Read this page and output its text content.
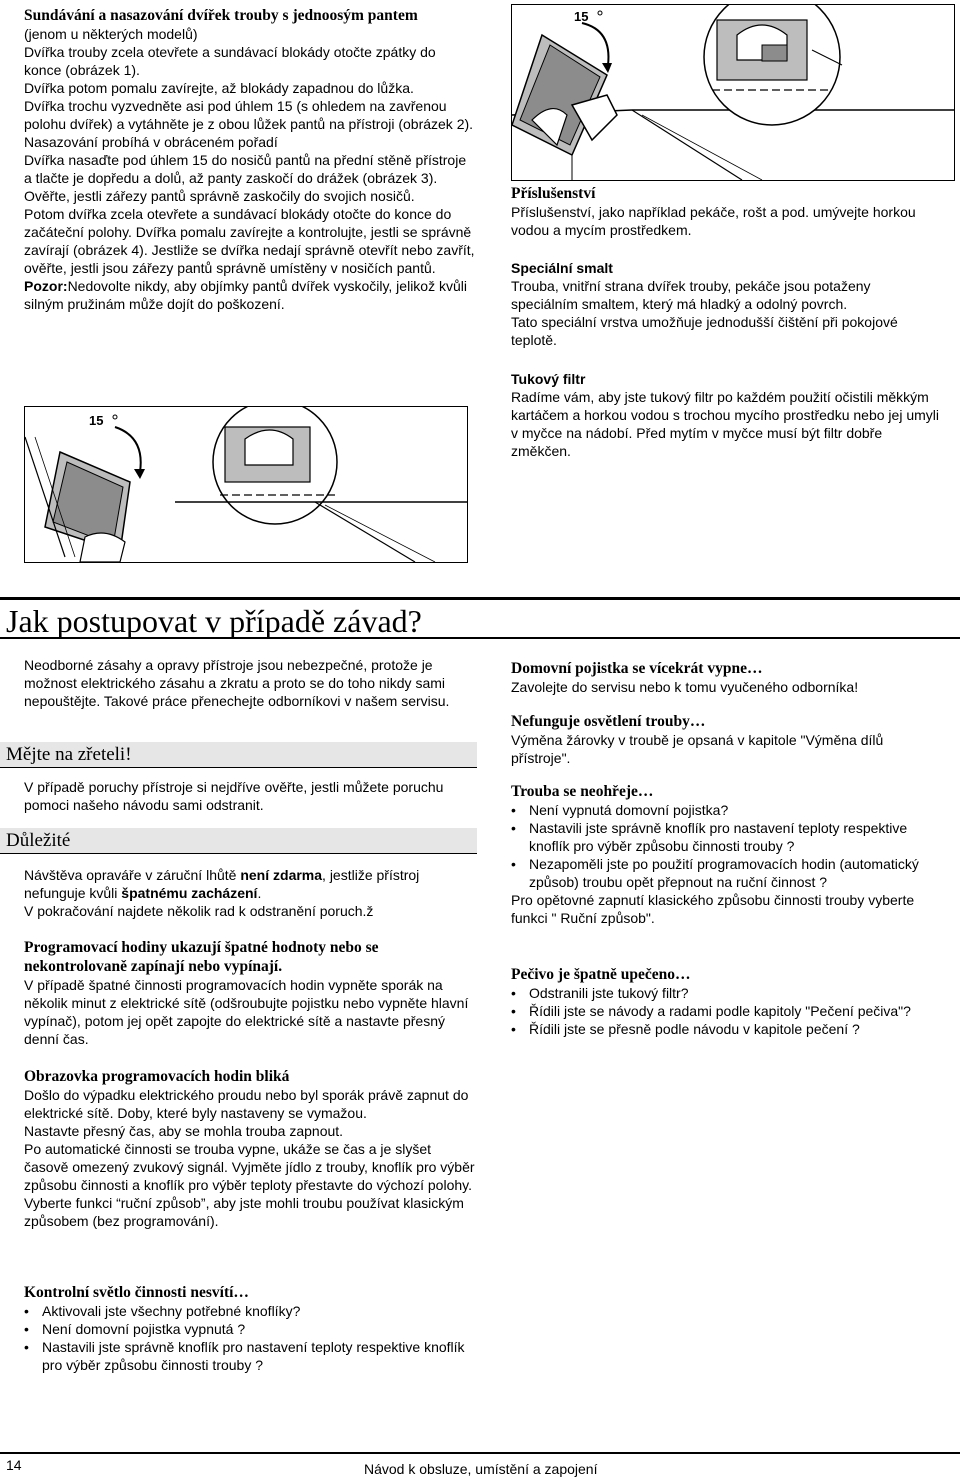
Sundávání a nasazování dvířek trouby s jednoosým pantem

(jenom u některých modelů)

Dvířka trouby zcela otevřete a sundávací blokády otočte zpátky do konce (obrázek 1).

Dvířka potom pomalu zavírejte, až blokády zapadnou do lůžka.

Dvířka trochu vyzvedněte asi pod úhlem 15 (s ohledem na zavřenou polohu dvířek) a vytáhněte je z obou lůžek pantů na přístroji (obrázek 2).

Nasazování probíhá v obráceném pořadí

Dvířka nasaďte pod úhlem 15 do nosičů pantů na přední stěně přístroje a tlačte je dopředu a dolů, až panty zaskočí do drážek (obrázek 3). Ověřte, jestli zářezy pantů správně zaskočily do svojich nosičů.

Potom dvířka zcela otevřete a sundávací blokády otočte do konce do začáteční polohy. Dvířka pomalu zavírejte a kontrolujte, jestli se správně zavírají (obrázek 4). Jestliže se dvířka nedají správně otevřít nebo zavřít, ověřte, jestli jsou zářezy pantů správně umístěny v nosičích pantů.

Pozor:Nedovolte nikdy, aby objímky pantů dvířek vyskočily, jelikož kvůli silným pružinám může dojít do poškození.

15

Příslušenství

Příslušenství, jako například pekáče, rošt a pod. umývejte horkou vodou a mycím prostředkem.

Speciální smalt

Trouba, vnitřní strana dvířek trouby, pekáče jsou potaženy speciálním smaltem, který má hladký a odolný povrch.

Tato speciální vrstva umožňuje jednodušší čištění při pokojové teplotě.

Tukový filtr

Radíme vám, aby jste tukový filtr po každém použití očistili měkkým kartáčem a horkou vodou s trochou mycího prostředku nebo jej umyli v myčce na nádobí. Před mytím v myčce musí být filtr dobře změkčen.

15
Jak postupovat v případě závad?

Neodborné zásahy a opravy přístroje jsou nebezpečné, protože je možnost elektrického zásahu a zkratu a proto se do toho nikdy sami nepouštějte. Takové práce přenechejte odborníkovi v našem servisu.

Mějte na zřeteli!

V případě poruchy přístroje si nejdříve ověřte, jestli můžete poruchu pomoci našeho návodu sami odstranit.

Důležité

Návštěva opraváře v záruční lhůtě není zdarma, jestliže přístroj nefunguje kvůli špatnému zacházení.

V pokračování najdete několik rad k odstranění poruch.ž

Programovací hodiny ukazují špatné hodnoty nebo se nekontrolovaně zapínají nebo vypínají.

V případě špatné činnosti programovacích hodin vypněte sporák na několik minut z elektrické sítě (odšroubujte pojistku nebo vypněte hlavní vypínač), potom jej opět zapojte do elektrické sítě a nastavte přesný denní čas.

Obrazovka programovacích hodin bliká

Došlo do výpadku elektrického proudu nebo byl sporák právě zapnut do elektrické sítě. Doby, které byly nastaveny se vymažou.

Nastavte přesný čas, aby se mohla trouba zapnout.

Po automatické činnosti se trouba vypne, ukáže se čas a je slyšet časově omezený zvukový signál. Vyjměte jídlo z trouby, knoflík pro výběr způsobu činnosti a knoflík pro výběr teploty přestavte do výchozí polohy. Vyberte funkci “ruční způsob”, aby jste mohli troubu používat klasickým způsobem (bez programování).

Kontrolní světlo činnosti nesvítí…

• Aktivovali jste všechny potřebné knoflíky?
• Není domovní pojistka vypnutá ?
• Nastavili jste správně knoflík pro nastavení teploty respektive knoflík pro výběr způsobu činnosti trouby ?

Domovní pojistka se vícekrát vypne…

Zavolejte do servisu nebo k tomu vyučeného odborníka!

Nefunguje osvětlení trouby…

Výměna žárovky v troubě je opsaná v kapitole "Výměna dílů přístroje".

Trouba se neohřeje…

• Není vypnutá domovní pojistka?
• Nastavili jste správně knoflík pro nastavení teploty respektive knoflík pro výběr způsobu činnosti trouby ?
• Nezapoměli jste po použití programovacích hodin (automatický způsob) troubu opět přepnout na ruční činnost ?

Pro opětovné zapnutí klasického způsobu činnosti trouby vyberte funkci " Ruční způsob".

Pečivo je špatně upečeno…

• Odstranili jste tukový filtr?
• Řídili jste se návody a radami podle kapitoly "Pečení pečiva"?
• Řídili jste se přesně podle návodu v kapitole pečení ?
14	Návod k obsluze, umístění a zapojení
